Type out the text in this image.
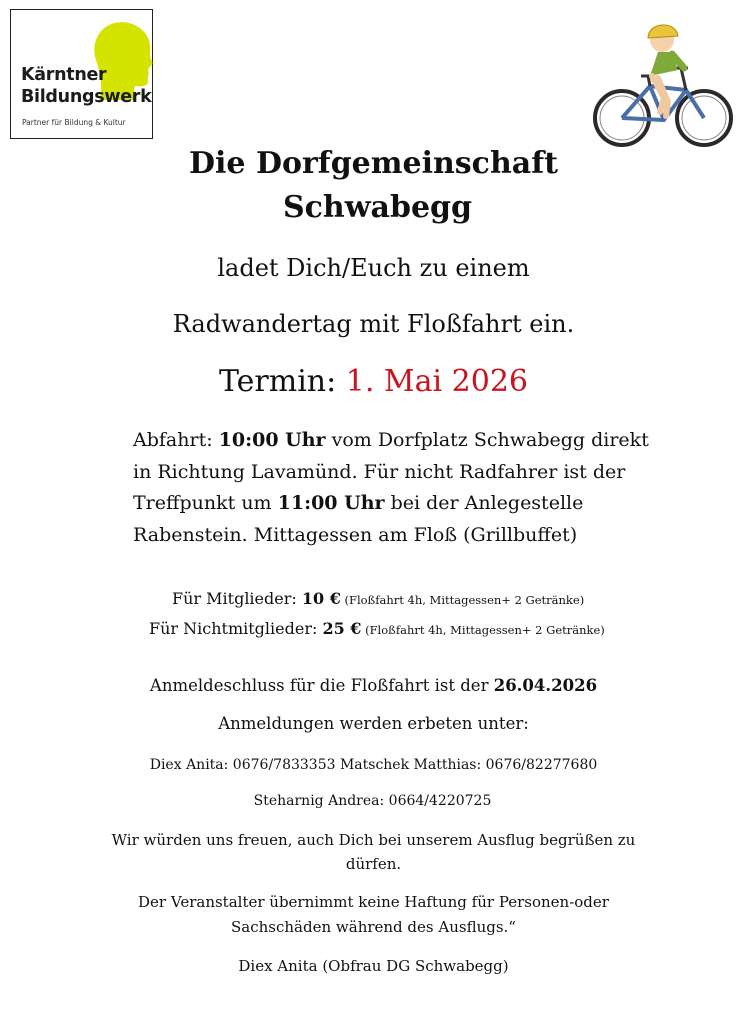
Kärntner
Bildungswerk
Partner für Bildung & Kultur
Die Dorfgemeinschaft
Schwabegg
ladet Dich/Euch zu einem
Radwandertag mit Floßfahrt ein.
Termin: 1. Mai 2026
Abfahrt: 10:00 Uhr vom Dorfplatz Schwabegg direkt
in Richtung Lavamünd. Für nicht Radfahrer ist der
Treffpunkt um 11:00 Uhr bei der Anlegestelle
Rabenstein. Mittagessen am Floß (Grillbuffet)
Für Mitglieder: 10 € (Floßfahrt 4h, Mittagessen+ 2 Getränke)
Für Nichtmitglieder: 25 € (Floßfahrt 4h, Mittagessen+ 2 Getränke)
Anmeldeschluss für die Floßfahrt ist der 26.04.2026
Anmeldungen werden erbeten unter:
Diex Anita: 0676/7833353 Matschek Matthias: 0676/82277680
Steharnig Andrea: 0664/4220725
Wir würden uns freuen, auch Dich bei unserem Ausflug begrüßen zu
dürfen.
Der Veranstalter übernimmt keine Haftung für Personen-oder
Sachschäden während des Ausflugs.“
Diex Anita (Obfrau DG Schwabegg)
